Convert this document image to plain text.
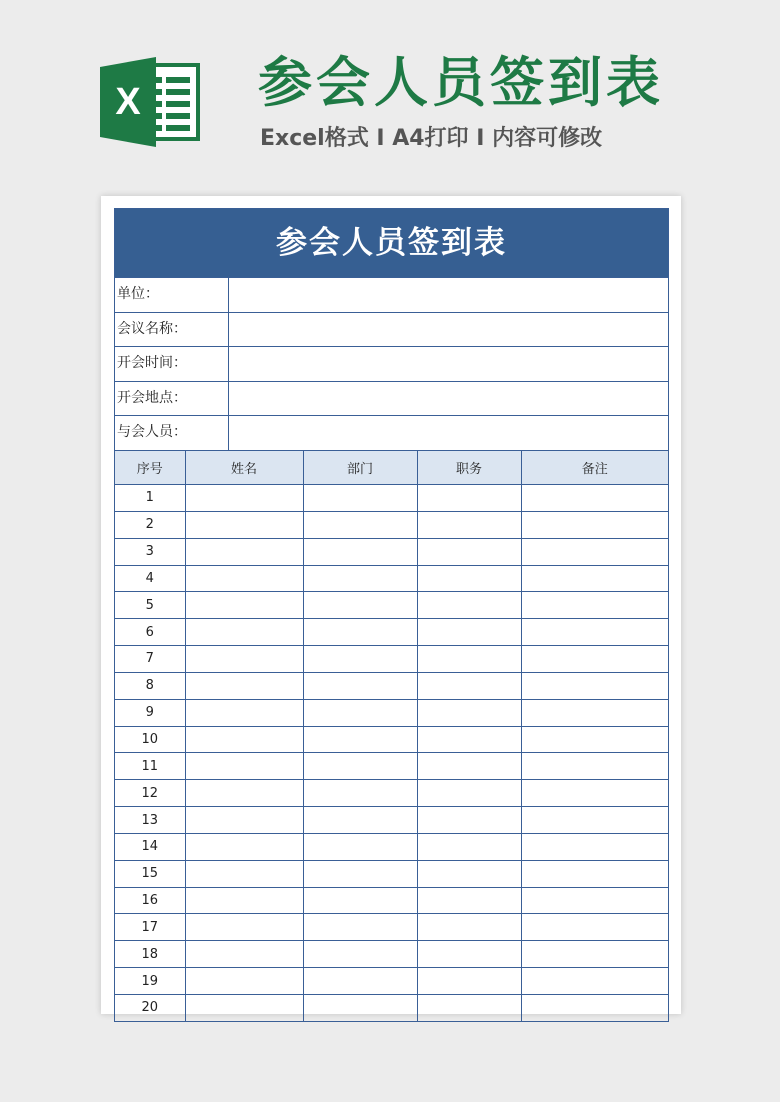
X 参会人员签到表
Excel格式 Ⅰ A4打印 Ⅰ 内容可修改
参会人员签到表
单位：
会议名称：
开会时间：
开会地点：
与会人员：
序号	姓名	部门	职务	备注
1				
2				
3				
4				
5				
6				
7				
8				
9				
10				
11				
12				
13				
14				
15				
16				
17				
18				
19				
20				
